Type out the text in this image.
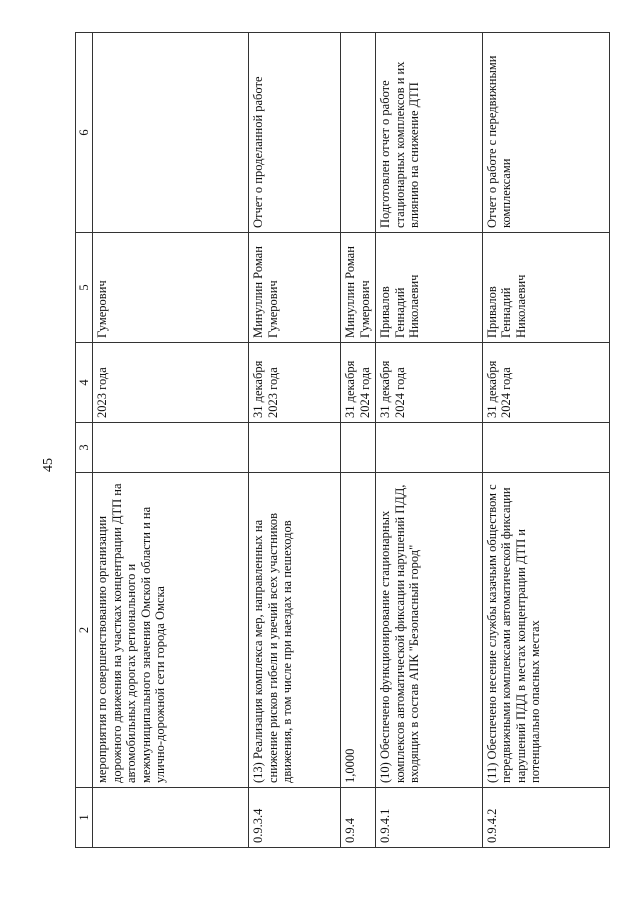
45
1	2	3	4	5	6
	мероприятия по совершенствованию организации дорожного движения на участках концентрации ДТП на автомобильных дорогах регионального и межмуниципального значения Омской области и на улично-дорожной сети города Омска		2023 года	Гумерович	
0.9.3.4	(13) Реализация комплекса мер, направленных на снижение рисков гибели и увечий всех участников движения, в том числе при наездах на пешеходов		31 декабря 2023 года	Минуллин Роман Гумерович	Отчет о проделанной работе
0.9.4	1,0000		31 декабря 2024 года	Минуллин Роман Гумерович	
0.9.4.1	(10) Обеспечено функционирование стационарных комплексов автоматической фиксации нарушений ПДД, входящих в состав АПК "Безопасный город"		31 декабря 2024 года	Привалов Геннадий Николаевич	Подготовлен отчет о работе стационарных комплексов и их влиянию на снижение ДТП
0.9.4.2	(11) Обеспечено несение службы казачьим обществом с передвижными комплексами автоматической фиксации нарушений ПДД в местах концентрации ДТП и потенциально опасных местах		31 декабря 2024 года	Привалов Геннадий Николаевич	Отчет о работе с передвижными комплексами
